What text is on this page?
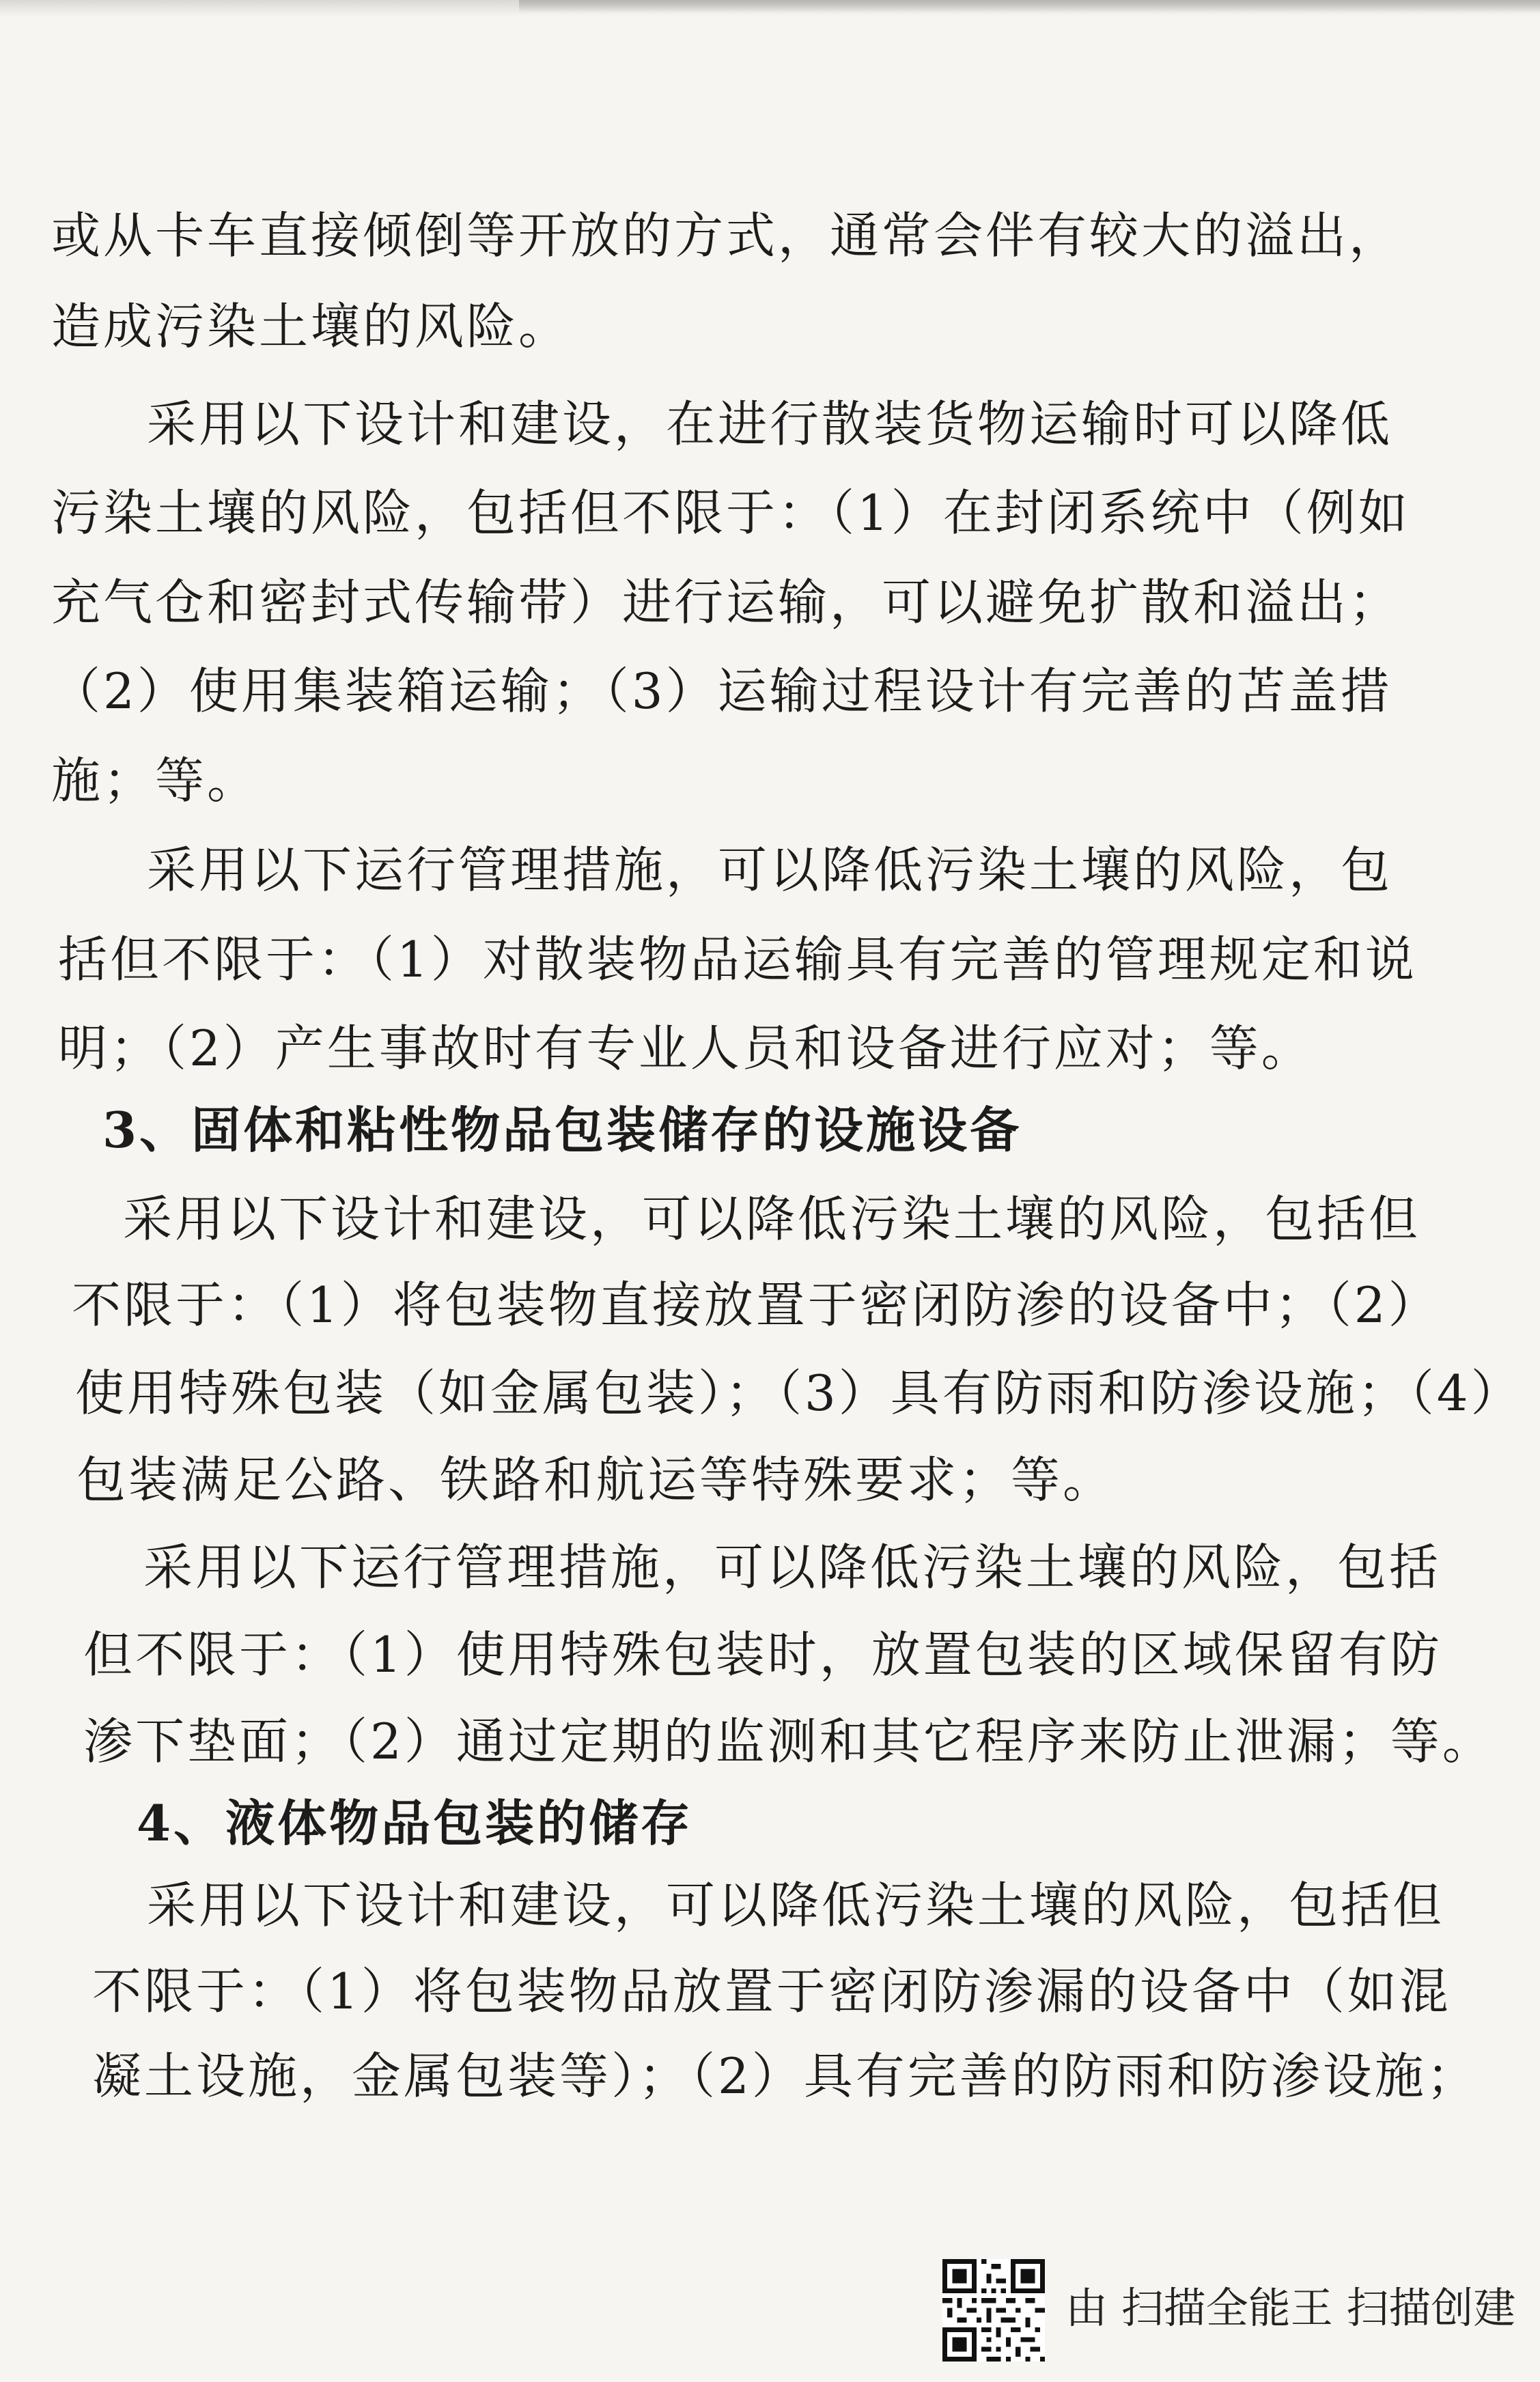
或从卡车直接倾倒等开放的方式，通常会伴有较大的溢出，
造成污染土壤的风险。
采用以下设计和建设，在进行散装货物运输时可以降低
污染土壤的风险，包括但不限于：（1）在封闭系统中（例如
充气仓和密封式传输带）进行运输，可以避免扩散和溢出；
（2）使用集装箱运输；（3）运输过程设计有完善的苫盖措
施；等。
采用以下运行管理措施，可以降低污染土壤的风险，包
括但不限于：（1）对散装物品运输具有完善的管理规定和说
明；（2）产生事故时有专业人员和设备进行应对；等。
3、固体和粘性物品包装储存的设施设备
采用以下设计和建设，可以降低污染土壤的风险，包括但
不限于：（1）将包装物直接放置于密闭防渗的设备中；（2）
使用特殊包装（如金属包装）；（3）具有防雨和防渗设施；（4）
包装满足公路、铁路和航运等特殊要求；等。
采用以下运行管理措施，可以降低污染土壤的风险，包括
但不限于：（1）使用特殊包装时，放置包装的区域保留有防
渗下垫面；（2）通过定期的监测和其它程序来防止泄漏；等。
4、液体物品包装的储存
采用以下设计和建设，可以降低污染土壤的风险，包括但
不限于：（1）将包装物品放置于密闭防渗漏的设备中（如混
凝土设施，金属包装等）；（2）具有完善的防雨和防渗设施；
由 扫描全能王 扫描创建
